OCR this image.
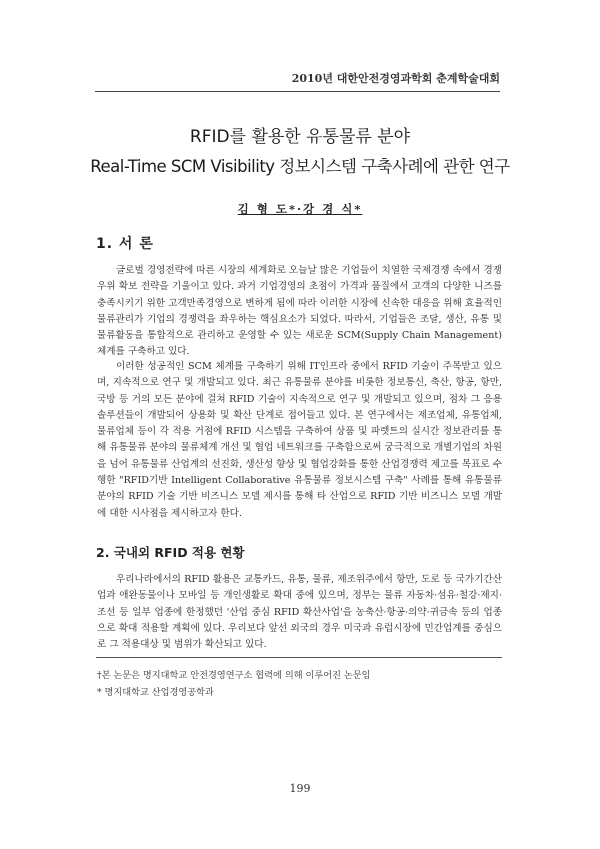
2010년 대한안전경영과학회 춘계학술대회
RFID를 활용한 유통물류 분야
Real-Time SCM Visibility 정보시스템 구축사례에 관한 연구
김 형 도*·강 경 식*
1. 서 론

글로벌 경영전략에 따른 시장의 세계화로 오늘날 많은 기업들이 치열한 국제경쟁 속에서 경쟁우위 확보 전략을 기울이고 있다. 과거 기업경영의 초점이 가격과 품질에서 고객의 다양한 니즈를 충족시키기 위한 고객만족경영으로 변하게 됨에 따라 이러한 시장에 신속한 대응을 위해 효율적인 물류관리가 기업의 경쟁력을 좌우하는 핵심요소가 되었다. 따라서, 기업들은 조달, 생산, 유통 및 물류활동을 통합적으로 관리하고 운영할 수 있는 새로운 SCM(Supply Chain Management) 체계를 구축하고 있다.

이러한 성공적인 SCM 체계를 구축하기 위해 IT인프라 중에서 RFID 기술이 주목받고 있으며, 지속적으로 연구 및 개발되고 있다. 최근 유통물류 분야를 비롯한 정보통신, 축산, 항공, 항만, 국방 등 거의 모든 분야에 걸쳐 RFID 기술이 지속적으로 연구 및 개발되고 있으며, 점차 그 응용 솔루션들이 개발되어 상용화 및 확산 단계로 접어들고 있다. 본 연구에서는 제조업체, 유통업체, 물류업체 등이 각 적용 거점에 RFID 시스템을 구축하여 상품 및 파렛트의 실시간 정보관리를 통해 유통물류 분야의 물류체계 개선 및 협업 네트워크를 구축함으로써 궁극적으로 개별기업의 차원을 넘어 유통물류 산업계의 선진화, 생산성 향상 및 협업강화를 통한 산업경쟁력 제고를 목표로 수행한 "RFID기반 Intelligent Collaborative 유통물류 정보시스템 구축" 사례를 통해 유통물류 분야의 RFID 기술 기반 비즈니스 모델 제시를 통해 타 산업으로 RFID 기반 비즈니스 모델 개발에 대한 시사점을 제시하고자 한다.

2. 국내외 RFID 적용 현황

우리나라에서의 RFID 활용은 교통카드, 유통, 물류, 제조위주에서 항만, 도로 등 국가기간산업과 애완동물이나 모바일 등 개인생활로 확대 중에 있으며, 정부는 물류 자동차·섬유·철강·제지·조선 등 일부 업종에 한정했던 '산업 중심 RFID 확산사업'을 농축산·항공·의약·귀금속 등의 업종으로 확대 적용할 계획에 있다. 우리보다 앞선 외국의 경우 미국과 유럽시장에 민간업계를 중심으로 그 적용대상 및 범위가 확산되고 있다.

†본 논문은 명지대학교 안전경영연구소 협력에 의해 이루어진 논문임
* 명지대학교 산업경영공학과
199
